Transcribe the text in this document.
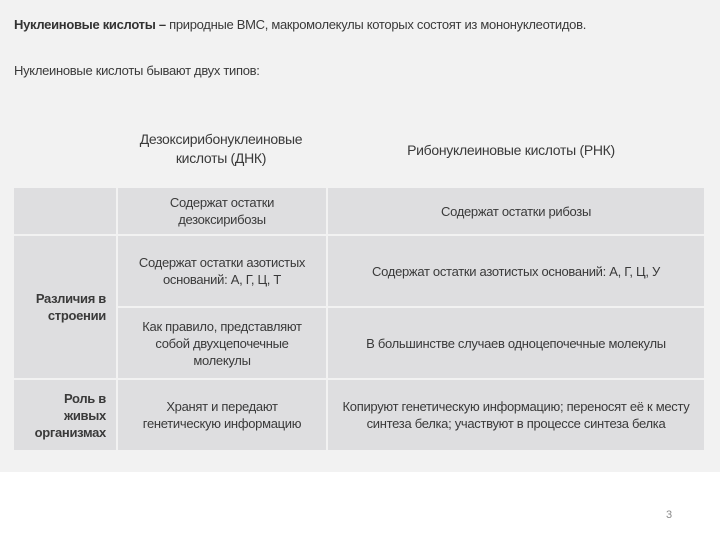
Нуклеиновые кислоты – природные ВМС, макромолекулы которых состоят из мононуклеотидов.
Нуклеиновые кислоты бывают двух типов:
Дезоксирибонуклеиновые кислоты (ДНК)	Рибонуклеиновые кислоты (РНК)
Различия в строении
Роль в живых организмах
Содержат остатки дезоксирибозы
Содержат остатки рибозы
Содержат остатки азотистых оснований: А, Г, Ц, Т
Содержат остатки азотистых оснований: А, Г, Ц, У
Как правило, представляют собой двухцепочечные молекулы
В большинстве случаев одноцепочечные молекулы
Хранят и передают генетическую информацию
Копируют генетическую информацию; переносят её к месту синтеза белка; участвуют в процессе синтеза белка
3
